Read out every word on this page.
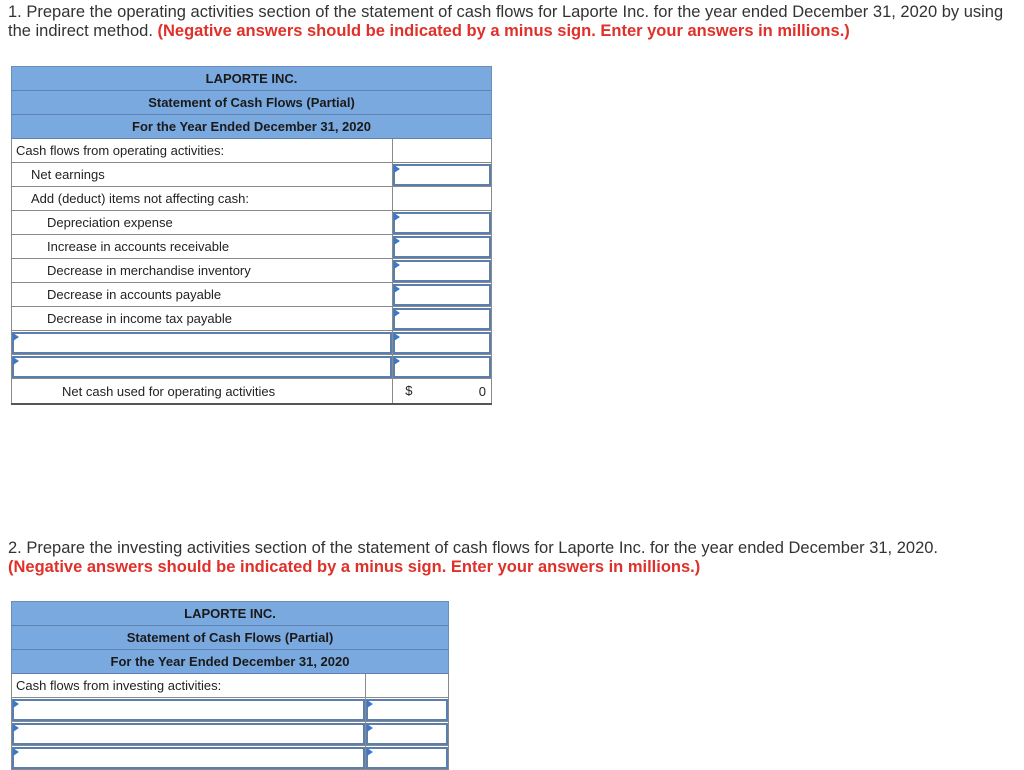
1. Prepare the operating activities section of the statement of cash flows for Laporte Inc. for the year ended December 31, 2020 by using the indirect method. (Negative answers should be indicated by a minus sign. Enter your answers in millions.)
LAPORTE INC.	
Statement of Cash Flows (Partial)	
For the Year Ended December 31, 2020	
Cash flows from operating activities:	
Net earnings	

Add (deduct) items not affecting cash:	
Depreciation expense	

Increase in accounts receivable	

Decrease in merchandise inventory	

Decrease in accounts payable	

Decrease in income tax payable	

Net cash used for operating activities	$ 0
2. Prepare the investing activities section of the statement of cash flows for Laporte Inc. for the year ended December 31, 2020.
(Negative answers should be indicated by a minus sign. Enter your answers in millions.)
LAPORTE INC.	
Statement of Cash Flows (Partial)	
For the Year Ended December 31, 2020	
Cash flows from investing activities:	
